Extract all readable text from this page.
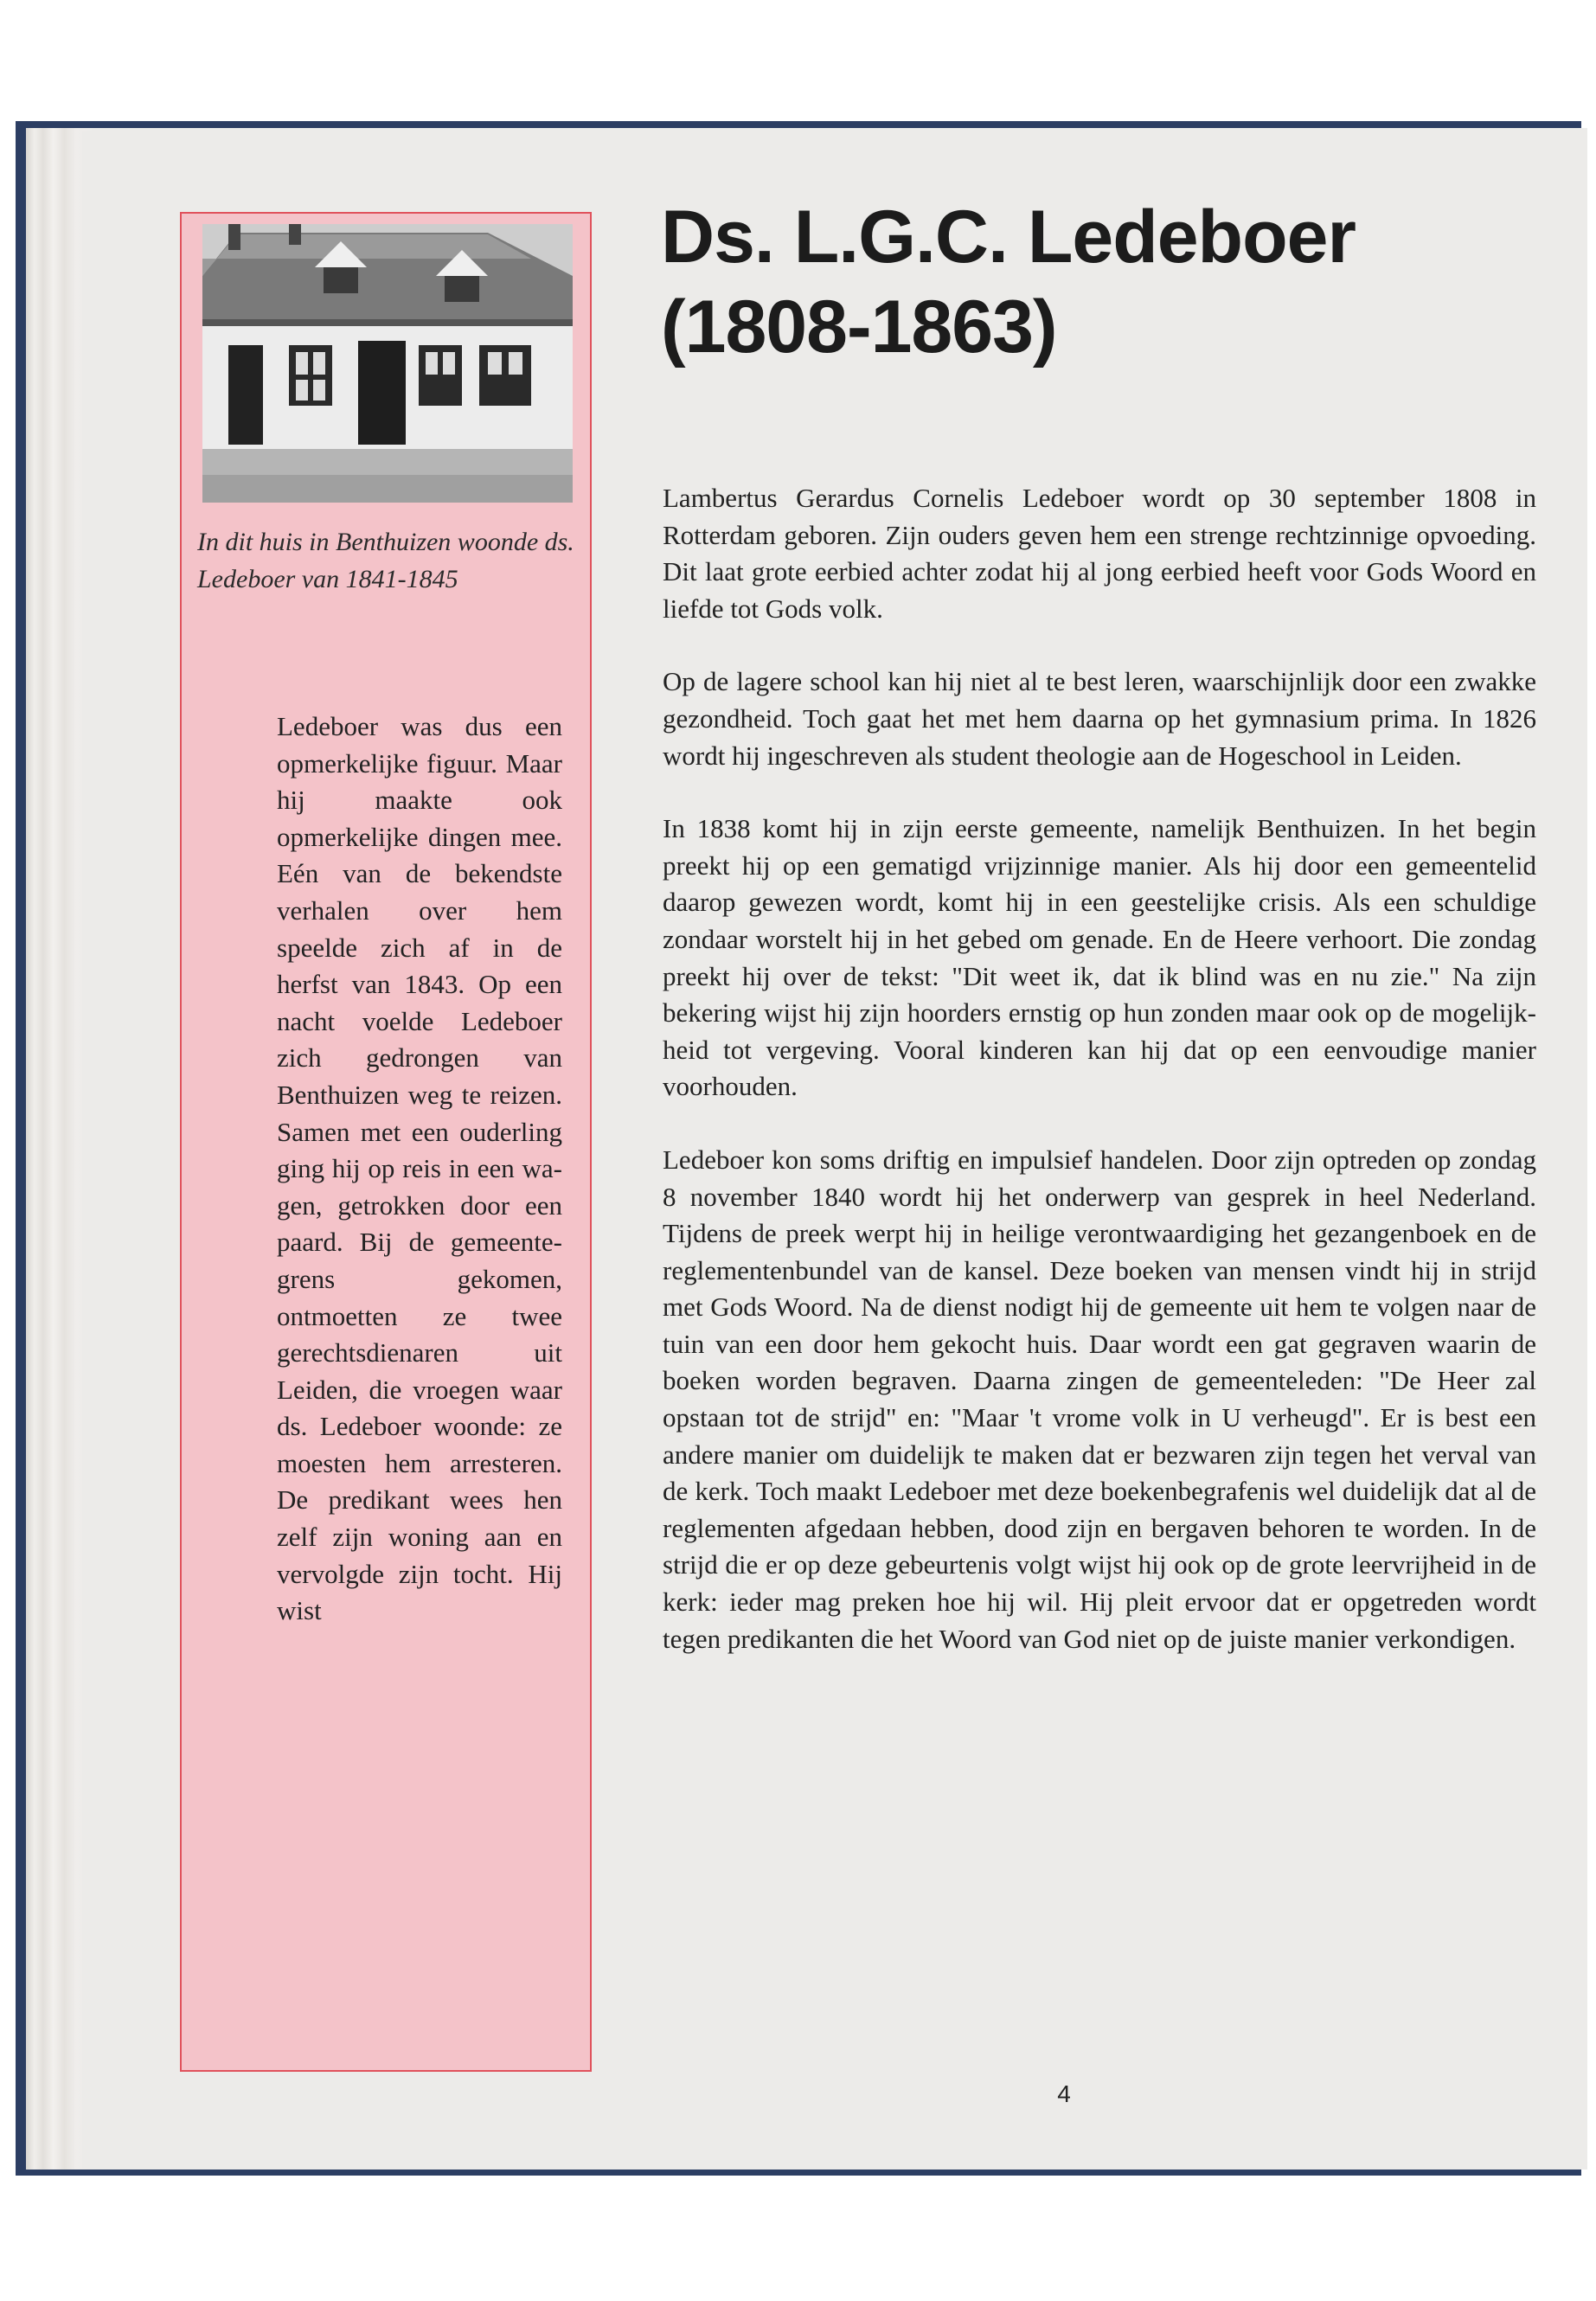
In dit huis in Benthuizen woonde ds. Ledeboer van 1841-1845

Ledeboer was dus een opmerkelijke figuur. Maar hij maakte ook opmerkelijke dingen mee. Eén van de bekendste verhalen over hem speelde zich af in de herfst van 1843. Op een nacht voelde Ledeboer zich gedrongen van Benthuizen weg te reizen. Samen met een ouderling ging hij op reis in een wagen, getrokken door een paard. Bij de gemeentegrens gekomen, ontmoetten ze twee gerechtsdienaren uit Leiden, die vroegen waar ds. Ledeboer woonde: ze moesten hem arresteren. De predikant wees hen zelf zijn woning aan en vervolgde zijn tocht. Hij wist

Ds. L.G.C. Ledeboer
(1808-1863)

Lambertus Gerardus Cornelis Ledeboer wordt op 30 september 1808 in Rotterdam geboren. Zijn ouders geven hem een strenge rechtzinnige opvoeding. Dit laat grote eerbied achter zodat hij al jong eerbied heeft voor Gods Woord en liefde tot Gods volk.

Op de lagere school kan hij niet al te best leren, waarschijnlijk door een zwakke gezondheid. Toch gaat het met hem daarna op het gymnasium prima. In 1826 wordt hij ingeschreven als student theologie aan de Hogeschool in Leiden.

In 1838 komt hij in zijn eerste gemeente, namelijk Benthuizen. In het begin preekt hij op een gematigd vrijzinnige manier. Als hij door een gemeentelid daarop gewezen wordt, komt hij in een geestelijke crisis. Als een schuldige zondaar worstelt hij in het gebed om genade. En de Heere verhoort. Die zondag preekt hij over de tekst: "Dit weet ik, dat ik blind was en nu zie." Na zijn bekering wijst hij zijn hoorders ernstig op hun zonden maar ook op de mogelijkheid tot vergeving. Vooral kinderen kan hij dat op een eenvoudige manier voorhouden.

Ledeboer kon soms driftig en impulsief handelen. Door zijn optreden op zondag 8 november 1840 wordt hij het onderwerp van gesprek in heel Nederland. Tijdens de preek werpt hij in heilige verontwaardiging het gezangenboek en de reglementenbundel van de kansel. Deze boeken van mensen vindt hij in strijd met Gods Woord. Na de dienst nodigt hij de gemeente uit hem te volgen naar de tuin van een door hem gekocht huis. Daar wordt een gat gegraven waarin de boeken worden begraven. Daarna zingen de gemeenteleden: "De Heer zal opstaan tot de strijd" en: "Maar 't vrome volk in U verheugd". Er is best een andere manier om duidelijk te maken dat er bezwaren zijn tegen het verval van de kerk. Toch maakt Ledeboer met deze boekenbegrafenis wel duidelijk dat al de reglementen afgedaan hebben, dood zijn en bergaven behoren te worden. In de strijd die er op deze gebeurtenis volgt wijst hij ook op de grote leervrijheid in de kerk: ieder mag preken hoe hij wil. Hij pleit ervoor dat er opgetreden wordt tegen predikanten die het Woord van God niet op de juiste manier verkondigen.

4
